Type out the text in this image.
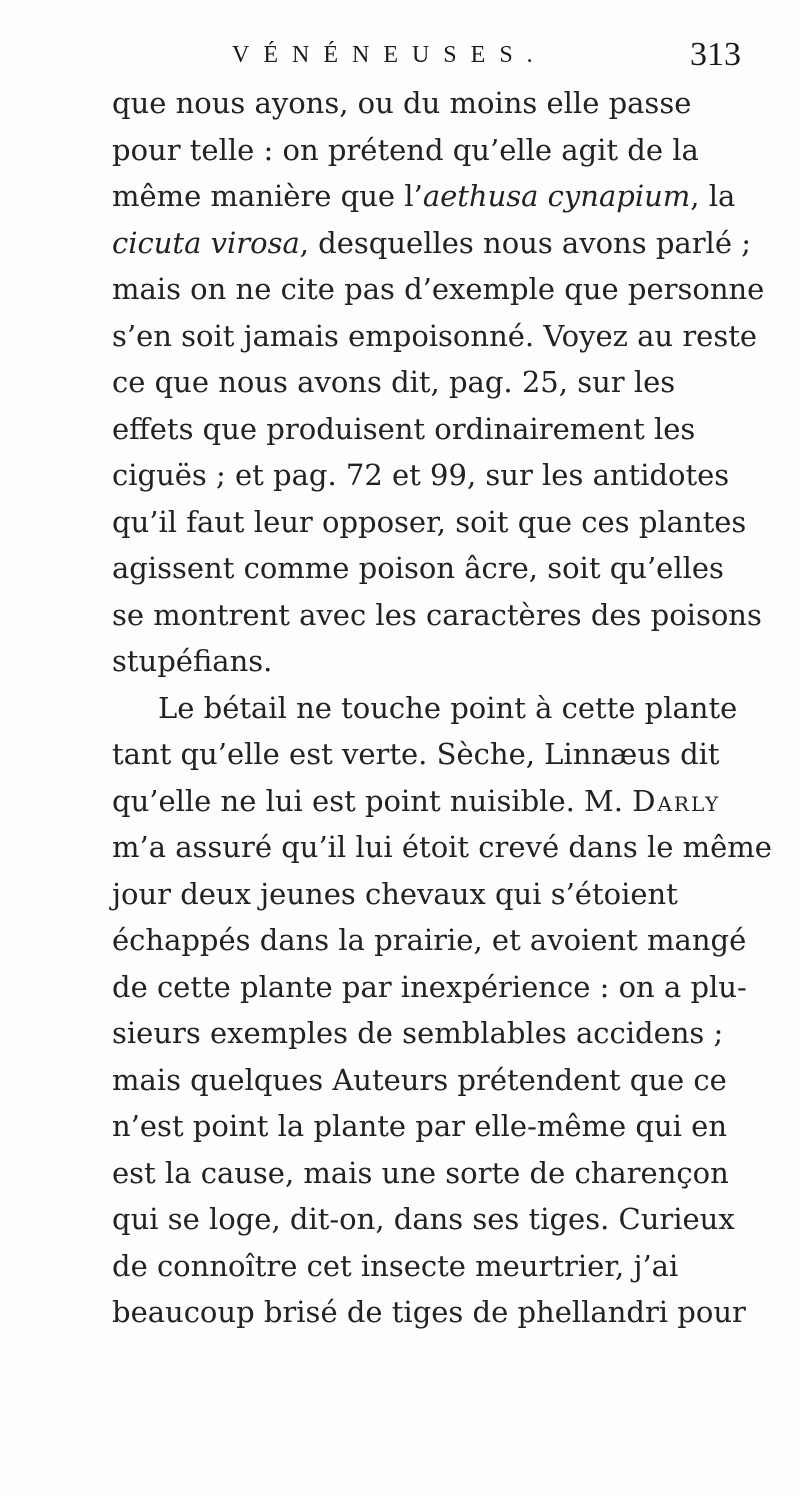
VÉNÉNEUSES.	313
que nous ayons, ou du moins elle passe
pour telle : on prétend qu’elle agit de la
même manière que l’aethusa cynapium, la
cicuta virosa, desquelles nous avons parlé ;
mais on ne cite pas d’exemple que personne
s’en soit jamais empoisonné. Voyez au reste
ce que nous avons dit, pag. 25, sur les
effets que produisent ordinairement les
ciguës ; et pag. 72 et 99, sur les antidotes
qu’il faut leur opposer, soit que ces plantes
agissent comme poison âcre, soit qu’elles
se montrent avec les caractères des poisons
stupéfians.
Le bétail ne touche point à cette plante
tant qu’elle est verte. Sèche, Linnæus dit
qu’elle ne lui est point nuisible. M. Darly
m’a assuré qu’il lui étoit crevé dans le même
jour deux jeunes chevaux qui s’étoient
échappés dans la prairie, et avoient mangé
de cette plante par inexpérience : on a plu-
sieurs exemples de semblables accidens ;
mais quelques Auteurs prétendent que ce
n’est point la plante par elle-même qui en
est la cause, mais une sorte de charençon
qui se loge, dit-on, dans ses tiges. Curieux
de connoître cet insecte meurtrier, j’ai
beaucoup brisé de tiges de phellandri pour
